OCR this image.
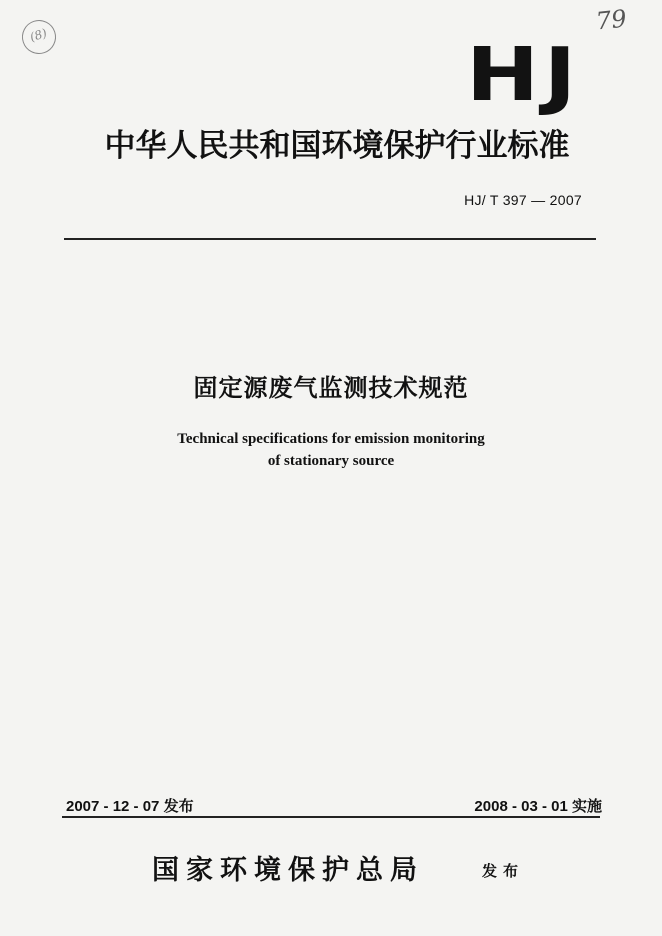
(8)	79
HJ
中华人民共和国环境保护行业标准
HJ/ T 397 — 2007
固定源废气监测技术规范
Technical specifications for emission monitoring
of stationary source
2007 - 12 - 07 发布	2008 - 03 - 01 实施
国家环境保护总局	发布
